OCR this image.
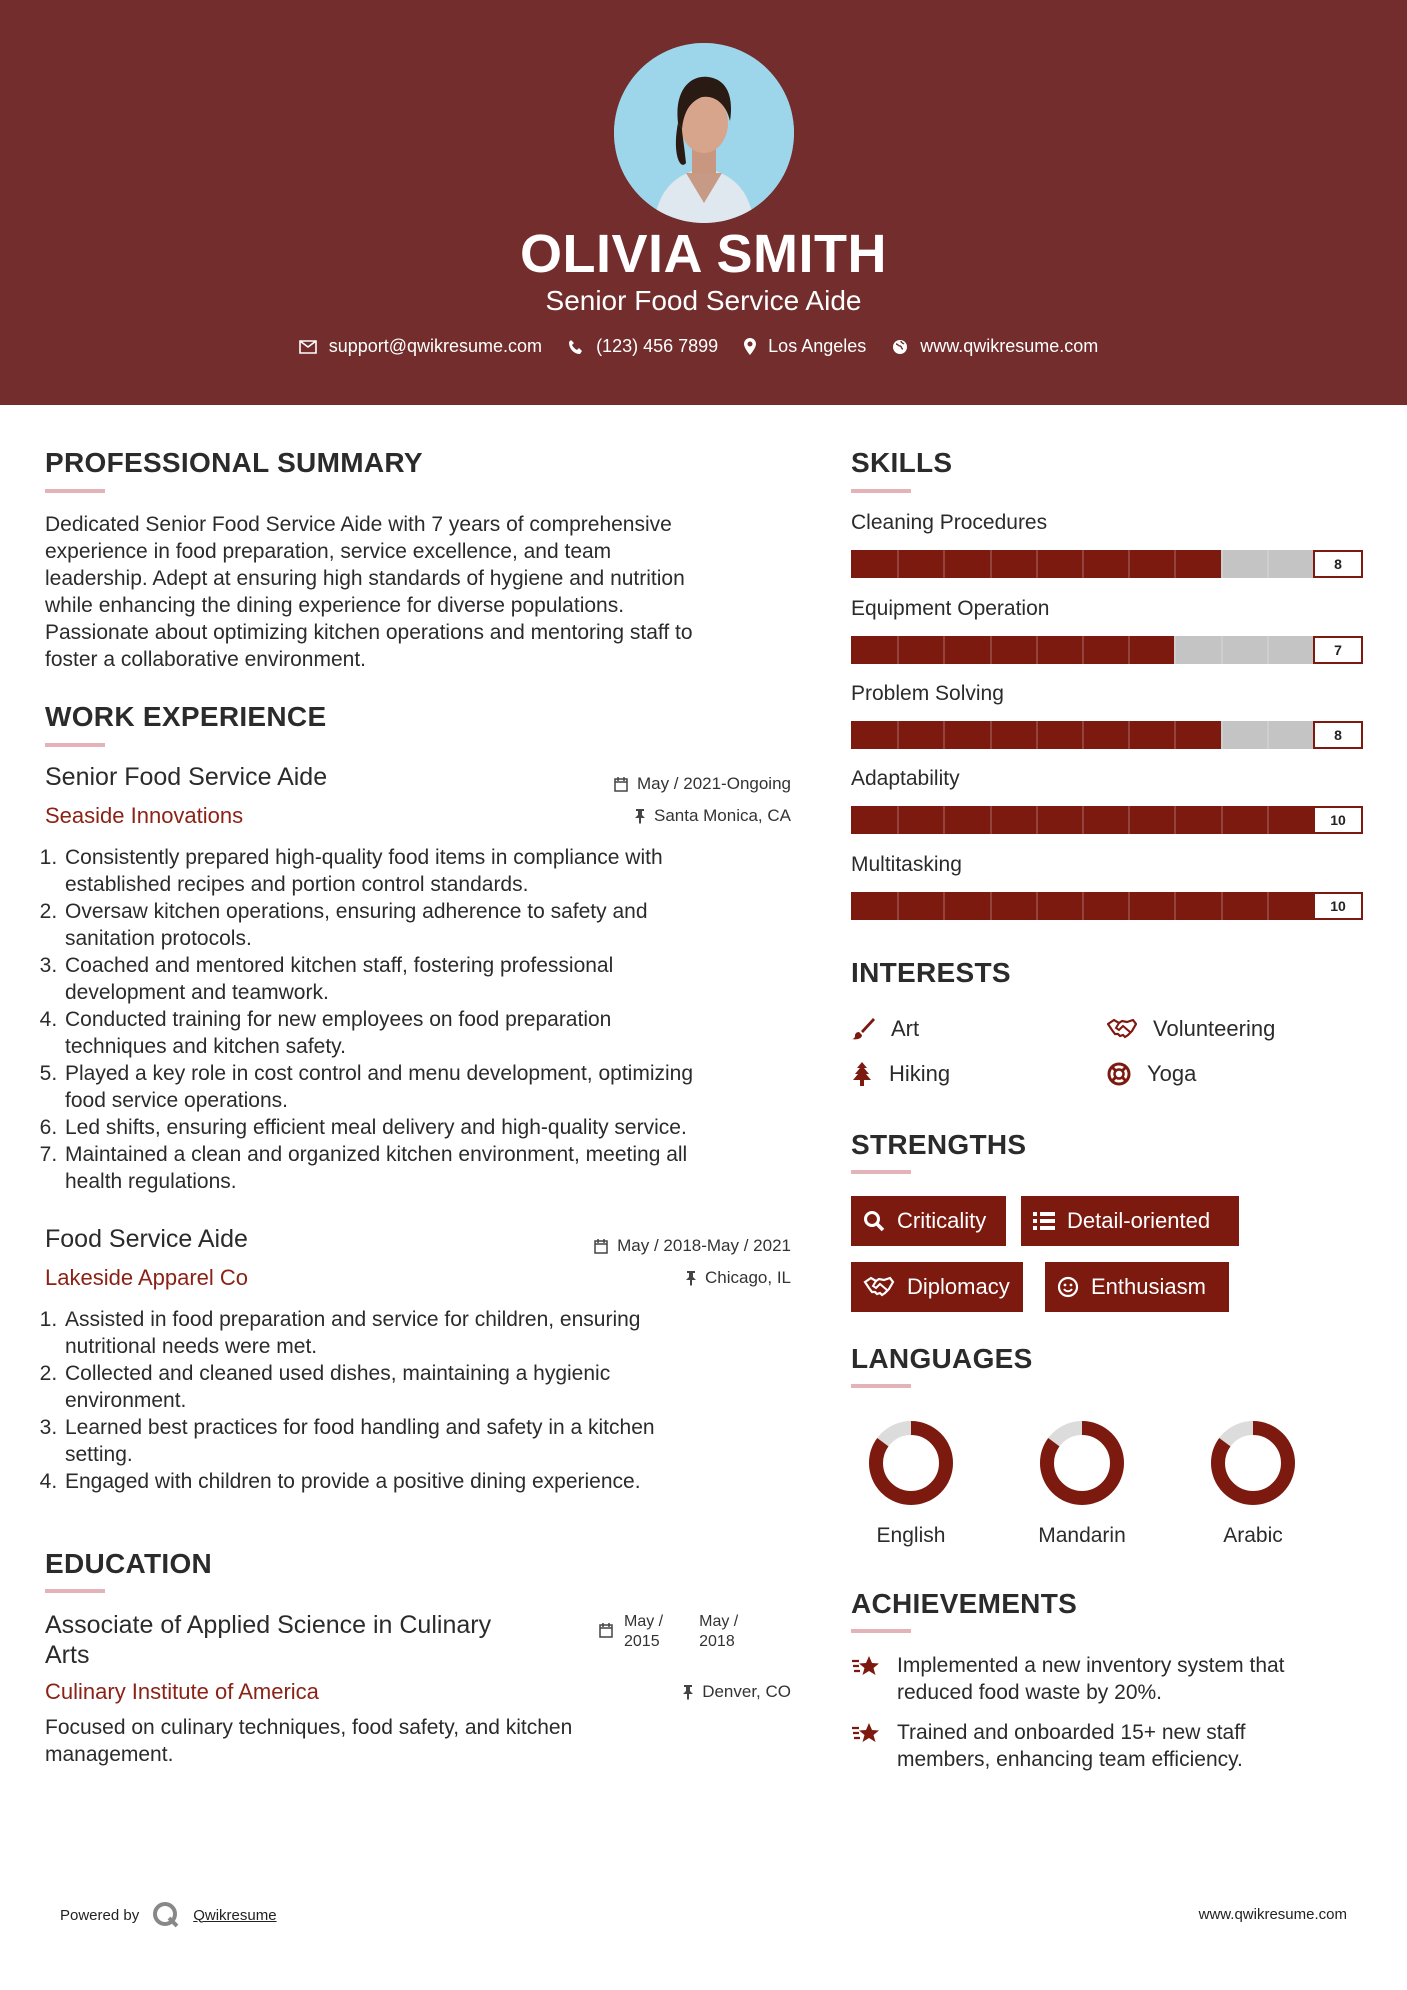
OLIVIA SMITH
Senior Food Service Aide
support@qwikresume.com	(123) 456 7899	Los Angeles	www.qwikresume.com
PROFESSIONAL SUMMARY
Dedicated Senior Food Service Aide with 7 years of comprehensive
experience in food preparation, service excellence, and team
leadership. Adept at ensuring high standards of hygiene and nutrition
while enhancing the dining experience for diverse populations.
Passionate about optimizing kitchen operations and mentoring staff to
foster a collaborative environment.
WORK EXPERIENCE
Senior Food Service Aide
Seaside Innovations
May / 2021-Ongoing
Santa Monica, CA
1. Consistently prepared high-quality food items in compliance with
established recipes and portion control standards.
2. Oversaw kitchen operations, ensuring adherence to safety and
sanitation protocols.
3. Coached and mentored kitchen staff, fostering professional
development and teamwork.
4. Conducted training for new employees on food preparation
techniques and kitchen safety.
5. Played a key role in cost control and menu development, optimizing
food service operations.
6. Led shifts, ensuring efficient meal delivery and high-quality service.
7. Maintained a clean and organized kitchen environment, meeting all
health regulations.
Food Service Aide
Lakeside Apparel Co
May / 2018-May / 2021
Chicago, IL
1. Assisted in food preparation and service for children, ensuring
nutritional needs were met.
2. Collected and cleaned used dishes, maintaining a hygienic
environment.
3. Learned best practices for food handling and safety in a kitchen
setting.
4. Engaged with children to provide a positive dining experience.
EDUCATION
Associate of Applied Science in Culinary
Arts
Culinary Institute of America
May /
2015
May /
2018
Denver, CO
Focused on culinary techniques, food safety, and kitchen
management.
SKILLS
Cleaning Procedures
8
Equipment Operation
7
Problem Solving
8
Adaptability
10
Multitasking
10
INTERESTS
Art	Volunteering
Hiking	Yoga
STRENGTHS
Criticality	Detail-oriented
Diplomacy	Enthusiasm
LANGUAGES
English	Mandarin	Arabic
ACHIEVEMENTS
Implemented a new inventory system that
reduced food waste by 20%.
Trained and onboarded 15+ new staff
members, enhancing team efficiency.
Powered by	Qwikresume	www.qwikresume.com
